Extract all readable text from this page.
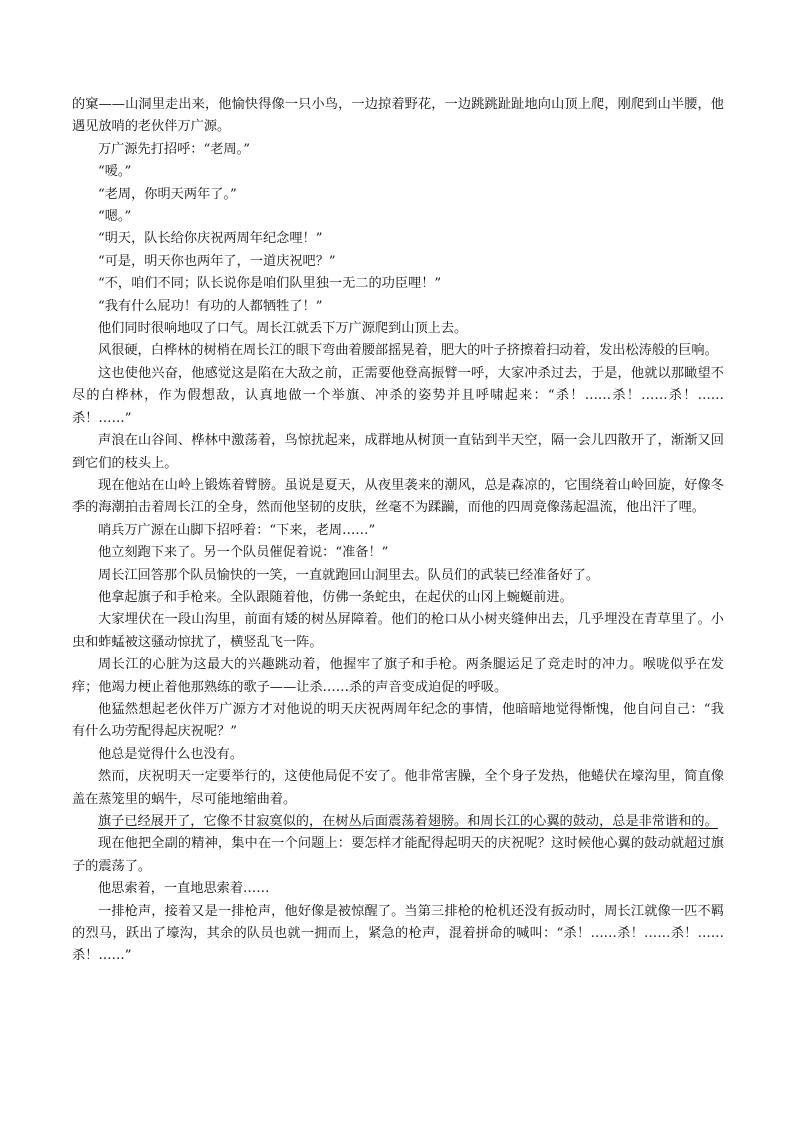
的窠——山洞里走出来，他愉快得像一只小鸟，一边掠着野花，一边跳跳趾趾地向山顶上爬，刚爬到山半腰，他遇见放哨的老伙伴万广源。

万广源先打招呼：“老周。”

“嗳。”

“老周，你明天两年了。”

“嗯。”

“明天，队长给你庆祝两周年纪念哩！”

“可是，明天你也两年了，一道庆祝吧？”

“不，咱们不同；队长说你是咱们队里独一无二的功臣哩！”

“我有什么屁功！有功的人都牺牲了！”

他们同时很响地叹了口气。周长江就丢下万广源爬到山顶上去。

风很硬，白桦林的树梢在周长江的眼下弯曲着腰部摇晃着，肥大的叶子挤擦着扫动着，发出松涛般的巨响。

这也使他兴奋，他感觉这是陷在大敌之前，正需要他登高振臂一呼，大家冲杀过去，于是，他就以那瞰望不尽的白桦林，作为假想敌，认真地做一个举旗、冲杀的姿势并且呼啸起来：“杀！……杀！……杀！……杀！……”

声浪在山谷间、桦林中激荡着，鸟惊扰起来，成群地从树顶一直钻到半天空，隔一会儿四散开了，渐渐又回到它们的枝头上。

现在他站在山岭上锻炼着臂膀。虽说是夏天，从夜里袭来的潮风，总是森凉的，它围绕着山岭回旋，好像冬季的海潮拍击着周长江的全身，然而他坚韧的皮肤，丝毫不为蹂躏，而他的四周竟像荡起温流，他出汗了哩。

哨兵万广源在山脚下招呼着：“下来，老周……”

他立刻跑下来了。另一个队员催促着说：“准备！”

周长江回答那个队员愉快的一笑，一直就跑回山洞里去。队员们的武装已经准备好了。

他拿起旗子和手枪来。全队跟随着他，仿佛一条蛇虫，在起伏的山冈上蜿蜒前进。

大家埋伏在一段山沟里，前面有矮的树丛屏障着。他们的枪口从小树夹缝伸出去，几乎埋没在青草里了。小虫和蚱蜢被这骚动惊扰了，横竖乱飞一阵。

周长江的心脏为这最大的兴趣跳动着，他握牢了旗子和手枪。两条腿运足了竞走时的冲力。喉咙似乎在发痒；他竭力梗止着他那熟练的歌子——让杀……杀的声音变成迫促的呼吸。

他猛然想起老伙伴万广源方才对他说的明天庆祝两周年纪念的事情，他暗暗地觉得惭愧，他自问自己：“我有什么功劳配得起庆祝呢？”

他总是觉得什么也没有。

然而，庆祝明天一定要举行的，这使他局促不安了。他非常害臊，全个身子发热，他蜷伏在壕沟里，简直像盖在蒸笼里的蜗牛，尽可能地缩曲着。

旗子已经展开了，它像不甘寂寞似的，在树丛后面震荡着翅膀。和周长江的心翼的鼓动，总是非常谐和的。

现在他把全副的精神，集中在一个问题上：要怎样才能配得起明天的庆祝呢？这时候他心翼的鼓动就超过旗子的震荡了。

他思索着，一直地思索着……

一排枪声，接着又是一排枪声，他好像是被惊醒了。当第三排枪的枪机还没有扳动时，周长江就像一匹不羁的烈马，跃出了壕沟，其余的队员也就一拥而上，紧急的枪声，混着拼命的喊叫：“杀！……杀！……杀！……杀！……”
